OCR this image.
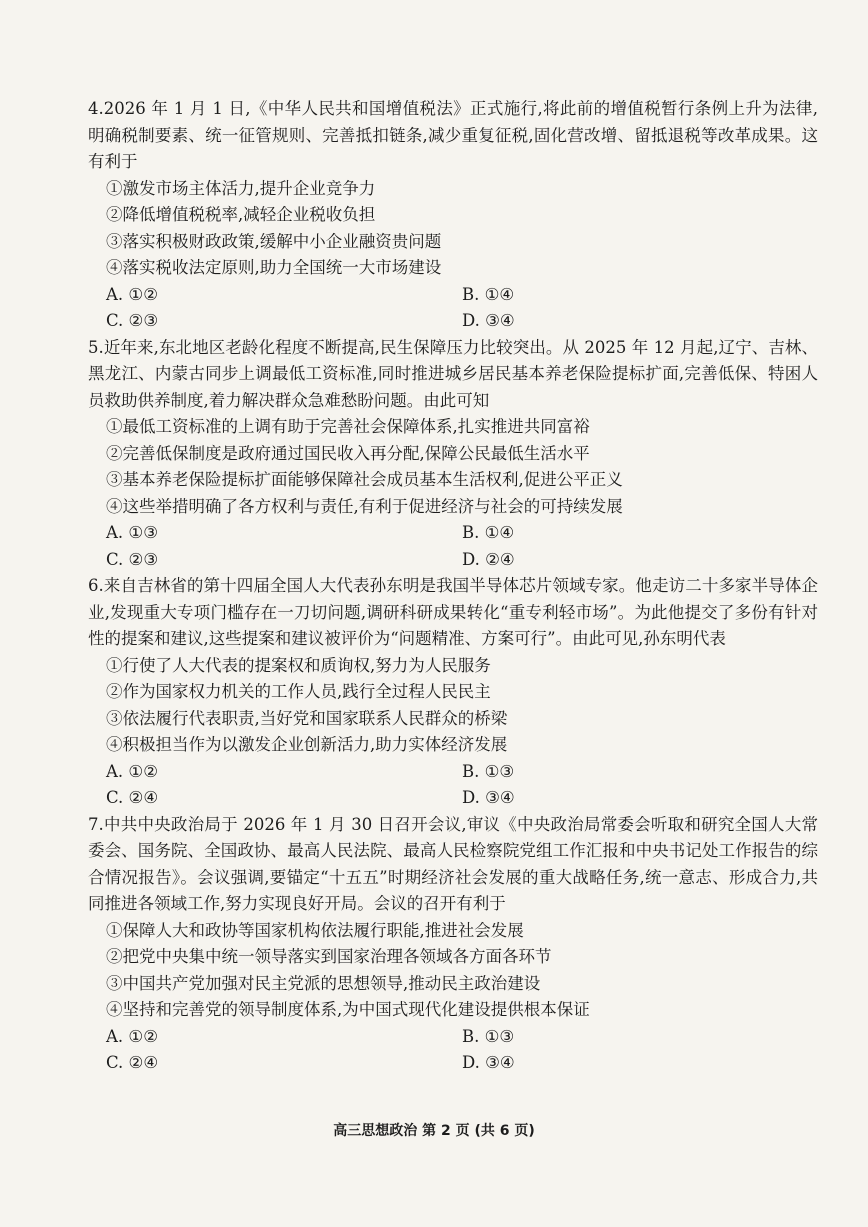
4.2026 年 1 月 1 日,《中华人民共和国增值税法》正式施行,将此前的增值税暂行条例上升为法律,明确税制要素、统一征管规则、完善抵扣链条,减少重复征税,固化营改增、留抵退税等改革成果。这有利于

①激发市场主体活力,提升企业竞争力

②降低增值税税率,减轻企业税收负担

③落实积极财政政策,缓解中小企业融资贵问题

④落实税收法定原则,助力全国统一大市场建设

A. ①②	B. ①④
C. ②③	D. ③④

5.近年来,东北地区老龄化程度不断提高,民生保障压力比较突出。从 2025 年 12 月起,辽宁、吉林、黑龙江、内蒙古同步上调最低工资标准,同时推进城乡居民基本养老保险提标扩面,完善低保、特困人员救助供养制度,着力解决群众急难愁盼问题。由此可知

①最低工资标准的上调有助于完善社会保障体系,扎实推进共同富裕

②完善低保制度是政府通过国民收入再分配,保障公民最低生活水平

③基本养老保险提标扩面能够保障社会成员基本生活权利,促进公平正义

④这些举措明确了各方权利与责任,有利于促进经济与社会的可持续发展

A. ①③	B. ①④
C. ②③	D. ②④

6.来自吉林省的第十四届全国人大代表孙东明是我国半导体芯片领域专家。他走访二十多家半导体企业,发现重大专项门槛存在一刀切问题,调研科研成果转化“重专利轻市场”。为此他提交了多份有针对性的提案和建议,这些提案和建议被评价为“问题精准、方案可行”。由此可见,孙东明代表

①行使了人大代表的提案权和质询权,努力为人民服务

②作为国家权力机关的工作人员,践行全过程人民民主

③依法履行代表职责,当好党和国家联系人民群众的桥梁

④积极担当作为以激发企业创新活力,助力实体经济发展

A. ①②	B. ①③
C. ②④	D. ③④

7.中共中央政治局于 2026 年 1 月 30 日召开会议,审议《中央政治局常委会听取和研究全国人大常委会、国务院、全国政协、最高人民法院、最高人民检察院党组工作汇报和中央书记处工作报告的综合情况报告》。会议强调,要锚定“十五五”时期经济社会发展的重大战略任务,统一意志、形成合力,共同推进各领域工作,努力实现良好开局。会议的召开有利于

①保障人大和政协等国家机构依法履行职能,推进社会发展

②把党中央集中统一领导落实到国家治理各领域各方面各环节

③中国共产党加强对民主党派的思想领导,推动民主政治建设

④坚持和完善党的领导制度体系,为中国式现代化建设提供根本保证

A. ①②	B. ①③
C. ②④	D. ③④
高三思想政治 第 2 页 (共 6 页)
